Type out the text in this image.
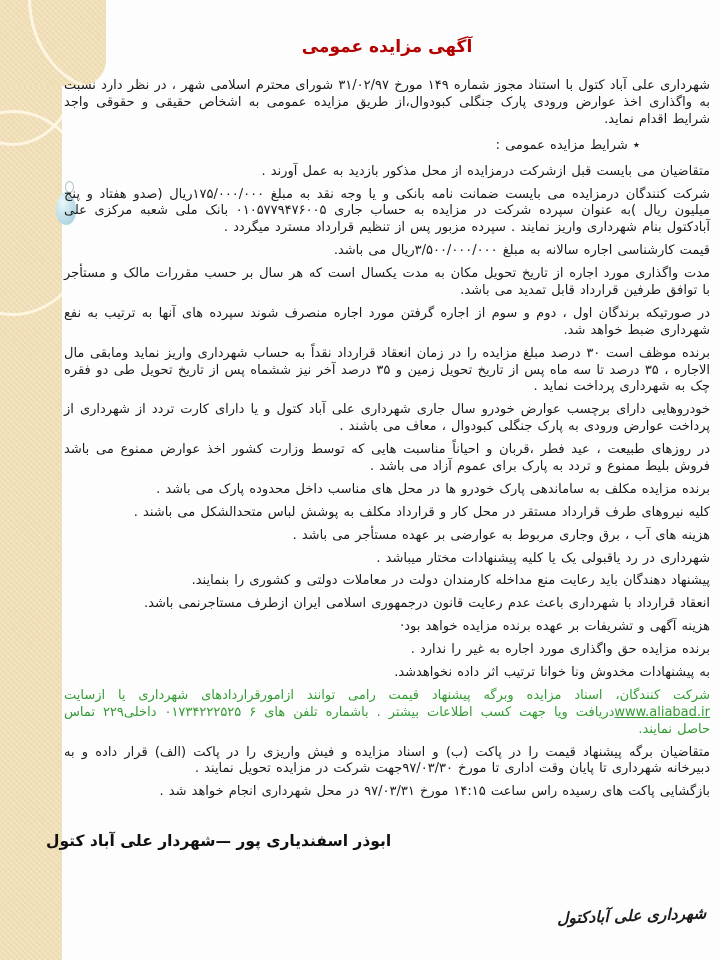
آگهی مزایده عمومی

شهرداری علی آباد کتول با استناد مجوز شماره ۱۴۹ مورخ ۳۱/۰۲/۹۷ شورای محترم اسلامی شهر ، در نظر دارد نسبت به واگذاری اخذ عوارض ورودی پارک جنگلی کبودوال،از طریق مزایده عمومی به اشخاص حقیقی و حقوقی واجد شرایط اقدام نماید.

٭ شرایط مزایده عمومی :

متقاضیان می بایست قبل ازشرکت درمزایده از محل مذکور بازدید به عمل آورند .

شرکت کنندگان درمزایده می بایست ضمانت نامه بانکی و یا وجه نقد به مبلغ ۱۷۵/۰۰۰/۰۰۰ریال (صدو هفتاد و پنج میلیون ریال )به عنوان سپرده شرکت در مزایده به حساب جاری ۰۱۰۵۷۷۹۴۷۶۰۰۵ بانک ملی شعبه مرکزی علی آبادکتول بنام شهرداری واریز نمایند . سپرده مزبور پس از تنظیم قرارداد مسترد میگردد .

قیمت کارشناسی اجاره سالانه به مبلغ ۳/۵۰۰/۰۰۰/۰۰۰ریال می باشد.

مدت واگذاری مورد اجاره از تاریخ تحویل مکان به مدت یکسال است که هر سال بر حسب مقررات مالک و مستأجر با توافق طرفین قرارداد قابل تمدید می باشد.

در صورتیکه برندگان اول ، دوم و سوم از اجاره گرفتن مورد اجاره منصرف شوند سپرده های آنها به ترتیب به نفع شهرداری ضبط خواهد شد.

برنده موظف است ۳۰ درصد مبلغ مزایده را در زمان انعقاد قرارداد نقداً به حساب شهرداری واریز نماید ومابقی مال الاجاره ، ۳۵ درصد تا سه ماه پس از تاریخ تحویل زمین و ۳۵ درصد آخر نیز ششماه پس از تاریخ تحویل طی دو فقره چک به شهرداری پرداخت نماید .

خودروهایی دارای برچسب عوارض خودرو سال جاری شهرداری علی آباد کتول و یا دارای کارت تردد از شهرداری از پرداخت عوارض ورودی به پارک جنگلی کبودوال ، معاف می باشند .

در روزهای طبیعت ، عید فطر ،قربان و احیاناً مناسبت هایی که توسط وزارت کشور اخذ عوارض ممنوع می باشد فروش بلیط ممنوع و تردد به پارک برای عموم آزاد می باشد .

برنده مزایده مکلف به ساماندهی پارک خودرو ها در محل های مناسب داخل محدوده پارک می باشد .

کلیه نیروهای طرف قرارداد مستقر در محل کار و قرارداد مکلف به پوشش لباس متحدالشکل می باشند .

هزینه های آب ، برق وجاری مربوط به عوارضی بر عهده مستأجر می باشد .

شهرداری در رد یاقبولی یک یا کلیه پیشنهادات مختار میباشد .

پیشنهاد دهندگان باید رعایت منع مداخله کارمندان دولت در معاملات دولتی و کشوری را بنمایند.

انعقاد قرارداد با شهرداری باعث عدم رعایت قانون درجمهوری اسلامی ایران ازطرف مستاجرنمی باشد.

هزینه آگهی و تشریفات بر عهده برنده مزایده خواهد بود·

برنده مزایده حق واگذاری مورد اجاره به غیر را ندارد .

به پیشنهادات مخدوش ونا خوانا ترتیب اثر داده نخواهدشد.

شرکت کنندگان، اسناد مزایده وبرگه پیشنهاد قیمت رامی توانند ازامورقراردادهای شهرداری یا ازسایت www.aliabad.irدریافت ویا جهت کسب اطلاعات بیشتر . باشماره تلفن های ۶ ۰۱۷۳۴۲۲۲۵۲۵ داخلی۲۲۹ تماس حاصل نمایند.

متقاضیان برگه پیشنهاد قیمت را در پاکت (ب) و اسناد مزایده و فیش واریزی را در پاکت (الف) قرار داده و به دبیرخانه شهرداری تا پایان وقت اداری تا مورخ ۹۷/۰۳/۳۰جهت شرکت در مزایده تحویل نمایند .

بازگشایی پاکت های رسیده راس ساعت ۱۴:۱۵ مورخ ۹۷/۰۳/۳۱ در محل شهرداری انجام خواهد شد .

ابوذر اسفندیاری پور —شهردار علی آباد کتول
شهرداری علی آبادکتول
